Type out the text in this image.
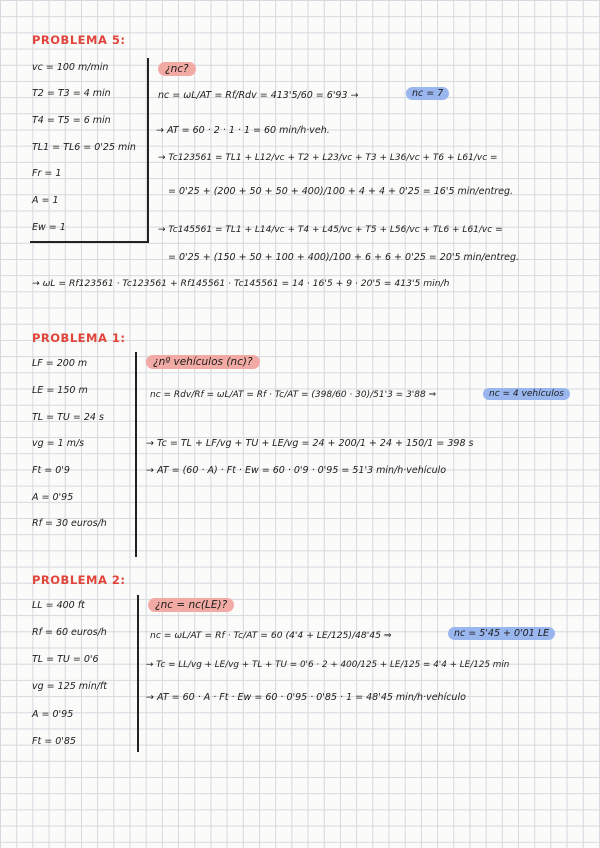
PROBLEMA 5:
vc = 100 m/min
T2 = T3 = 4 min
T4 = T5 = 6 min
TL1 = TL6 = 0'25 min
Fr = 1
A = 1
Ew = 1
¿nc?
nc = ωL/AT = Rf/Rdv = 413'5/60 = 6'93 →	nc = 7
→ AT = 60 · 2 · 1 · 1 = 60 min/h·veh.
→ Tc123561 = TL1 + L12/vc + T2 + L23/vc + T3 + L36/vc + T6 + L61/vc =
= 0'25 + (200 + 50 + 50 + 400)/100 + 4 + 4 + 0'25 = 16'5 min/entreg.
→ Tc145561 = TL1 + L14/vc + T4 + L45/vc + T5 + L56/vc + TL6 + L61/vc =
= 0'25 + (150 + 50 + 100 + 400)/100 + 6 + 6 + 0'25 = 20'5 min/entreg.
→ ωL = Rf123561 · Tc123561 + Rf145561 · Tc145561 = 14 · 16'5 + 9 · 20'5 = 413'5 min/h
PROBLEMA 1:
LF = 200 m
LE = 150 m
TL = TU = 24 s
vg = 1 m/s
Ft = 0'9
A = 0'95
Rf = 30 euros/h
¿nº vehículos (nc)?
nc = Rdv/Rf = ωL/AT = Rf · Tc/AT = (398/60 · 30)/51'3 = 3'88 ⇒	nc = 4 vehículos
→ Tc = TL + LF/vg + TU + LE/vg = 24 + 200/1 + 24 + 150/1 = 398 s
→ AT = (60 · A) · Ft · Ew = 60 · 0'9 · 0'95 = 51'3 min/h·vehículo
PROBLEMA 2:
LL = 400 ft
Rf = 60 euros/h
TL = TU = 0'6
vg = 125 min/ft
A = 0'95
Ft = 0'85
¿nc = nc(LE)?
nc = ωL/AT = Rf · Tc/AT = 60 (4'4 + LE/125)/48'45 ⇒	nc = 5'45 + 0'01 LE
→ Tc = LL/vg + LE/vg + TL + TU = 0'6 · 2 + 400/125 + LE/125 = 4'4 + LE/125 min
→ AT = 60 · A · Ft · Ew = 60 · 0'95 · 0'85 · 1 = 48'45 min/h·vehículo
